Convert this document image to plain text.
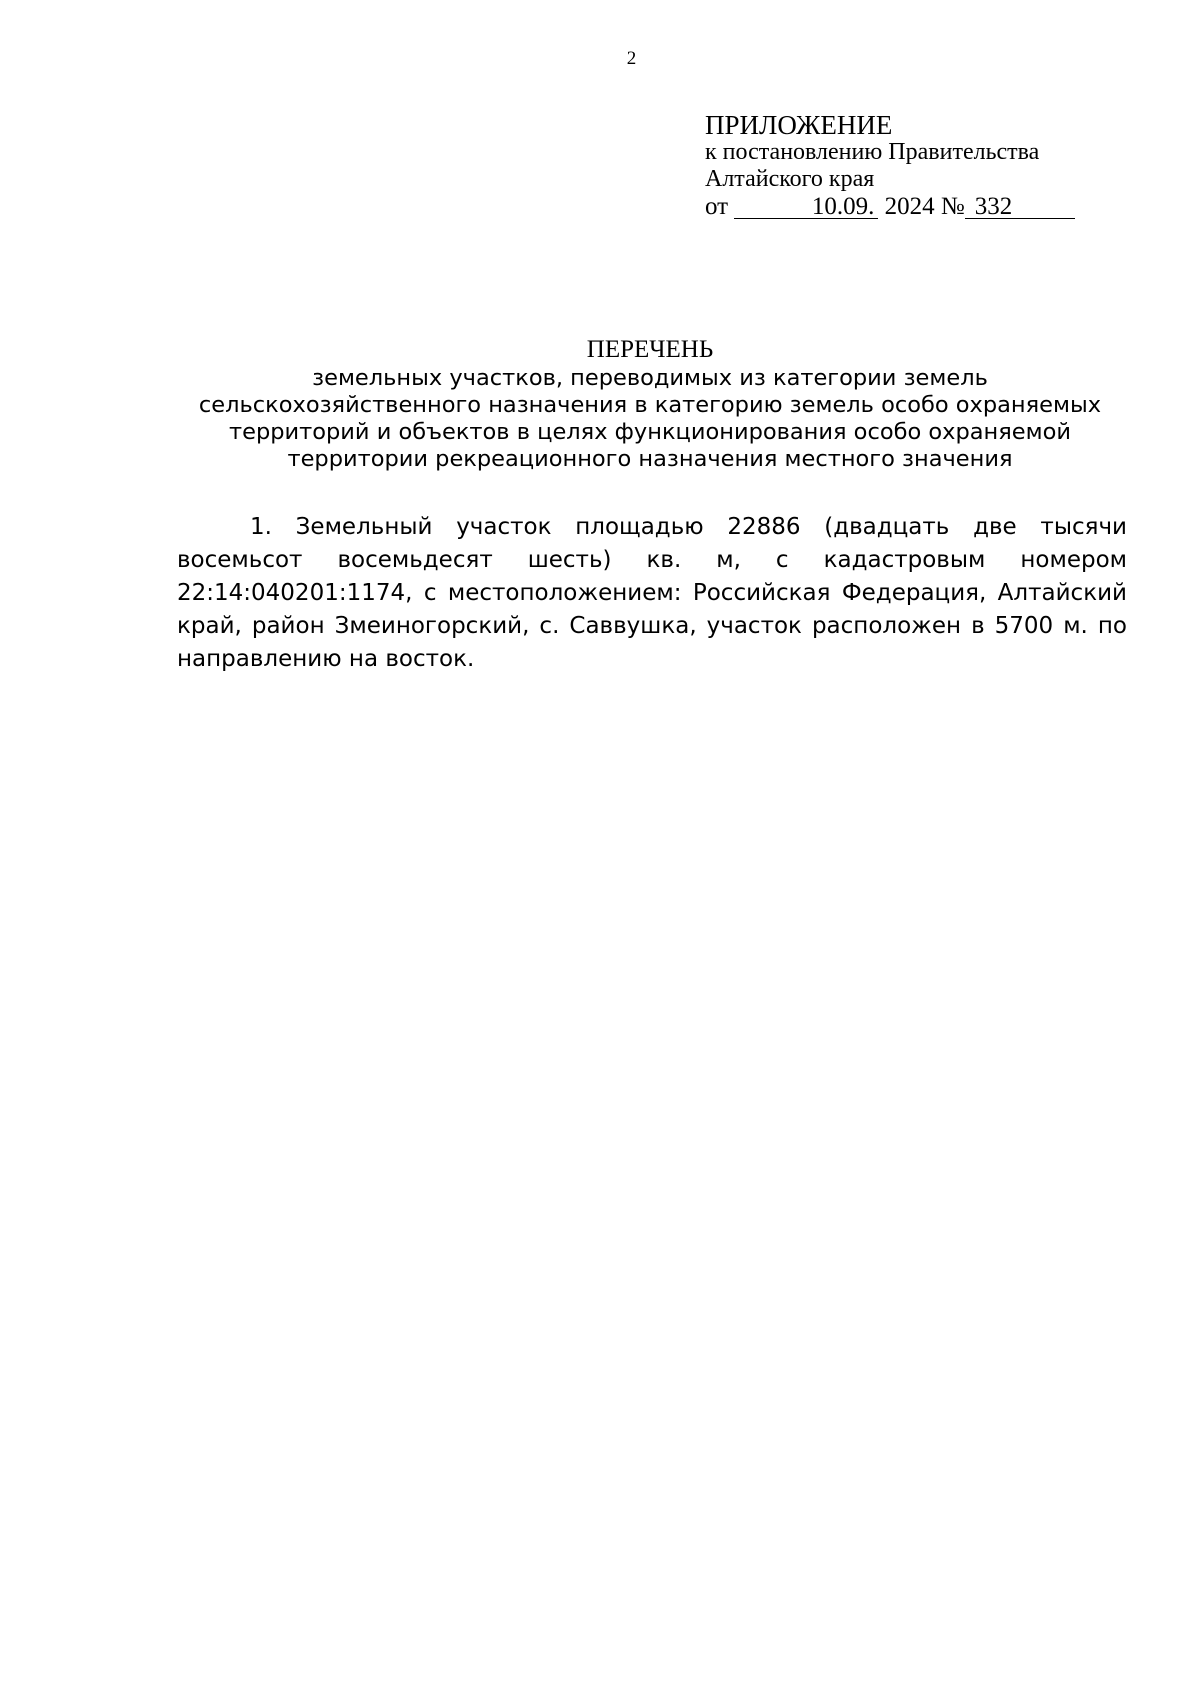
2
ПРИЛОЖЕНИЕ
к постановлению Правительства
Алтайского края
от	10.09. 2024 № 332
ПЕРЕЧЕНЬ
земельных участков, переводимых из категории земель
сельскохозяйственного назначения в категорию земель особо охраняемых
территорий и объектов в целях функционирования особо охраняемой
территории рекреационного назначения местного значения

1. Земельный участок площадью 22886 (двадцать две тысячи восемьсот восемьдесят шесть) кв. м, с кадастровым номером 22:14:040201:1174, с местоположением: Российская Федерация, Алтайский край, район Змеиногорский, с. Саввушка, участок расположен в 5700 м. по направлению на восток.
